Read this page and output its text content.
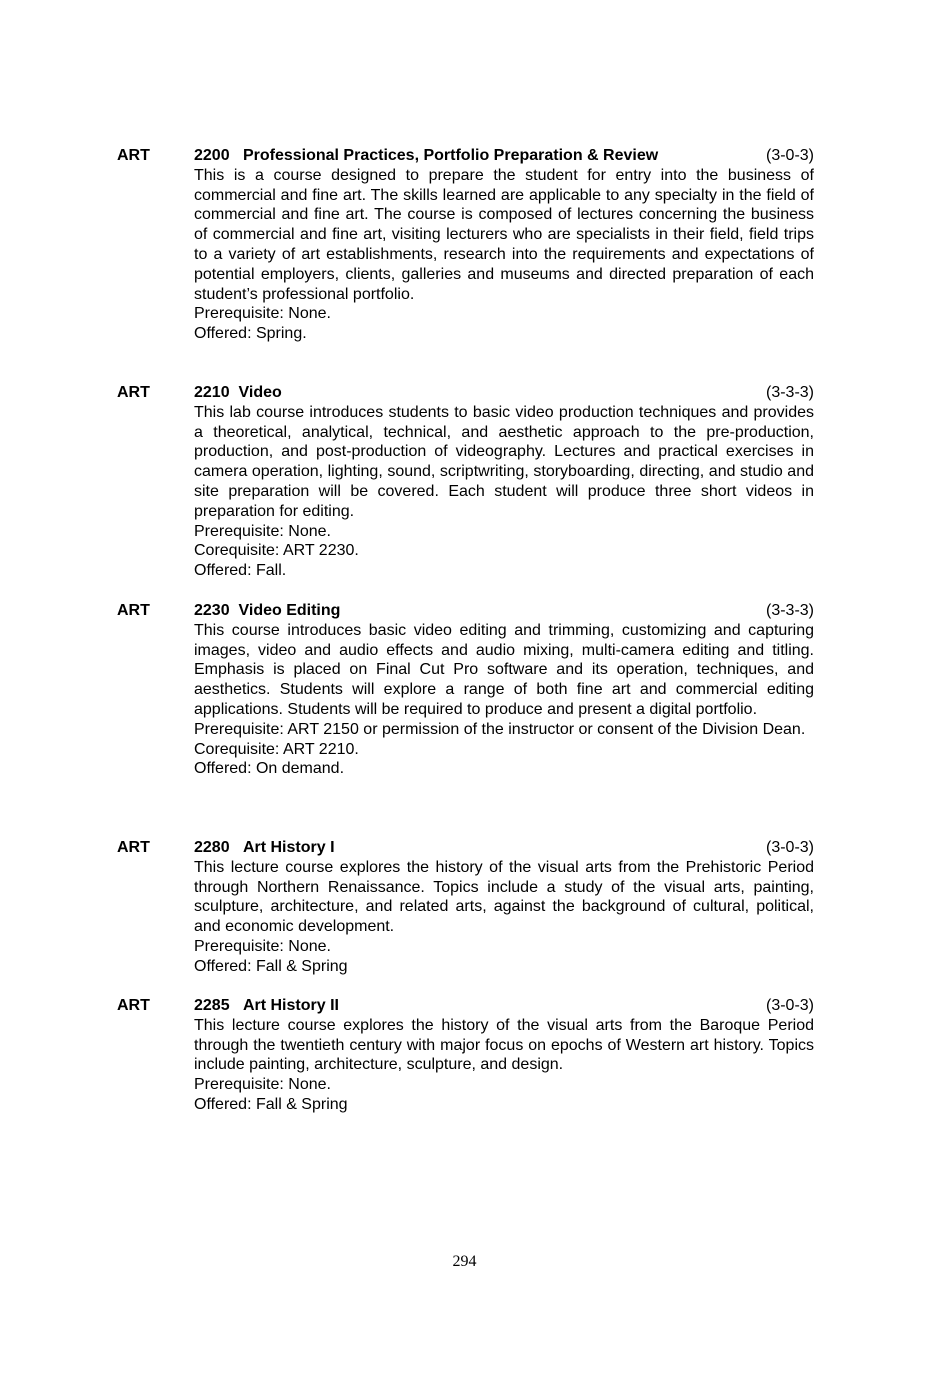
ART	2200 Professional Practices, Portfolio Preparation & Review	(3-0-3)

This is a course designed to prepare the student for entry into the business of commercial and fine art. The skills learned are applicable to any specialty in the field of commercial and fine art. The course is composed of lectures concerning the business of commercial and fine art, visiting lecturers who are specialists in their field, field trips to a variety of art establishments, research into the requirements and expectations of potential employers, clients, galleries and museums and directed preparation of each student’s professional portfolio.

Prerequisite: None.

Offered: Spring.

ART	2210 Video	(3-3-3)

This lab course introduces students to basic video production techniques and provides a theoretical, analytical, technical, and aesthetic approach to the pre-production, production, and post-production of videography. Lectures and practical exercises in camera operation, lighting, sound, scriptwriting, storyboarding, directing, and studio and site preparation will be covered. Each student will produce three short videos in preparation for editing.

Prerequisite: None.

Corequisite: ART 2230.

Offered: Fall.

ART	2230 Video Editing	(3-3-3)

This course introduces basic video editing and trimming, customizing and capturing images, video and audio effects and audio mixing, multi-camera editing and titling. Emphasis is placed on Final Cut Pro software and its operation, techniques, and aesthetics. Students will explore a range of both fine art and commercial editing applications. Students will be required to produce and present a digital portfolio.

Prerequisite: ART 2150 or permission of the instructor or consent of the Division Dean.

Corequisite: ART 2210.

Offered: On demand.

ART	2280 Art History I	(3-0-3)

This lecture course explores the history of the visual arts from the Prehistoric Period through Northern Renaissance. Topics include a study of the visual arts, painting, sculpture, architecture, and related arts, against the background of cultural, political, and economic development.

Prerequisite: None.

Offered: Fall & Spring

ART	2285 Art History II	(3-0-3)

This lecture course explores the history of the visual arts from the Baroque Period through the twentieth century with major focus on epochs of Western art history. Topics include painting, architecture, sculpture, and design.

Prerequisite: None.

Offered: Fall & Spring

294
